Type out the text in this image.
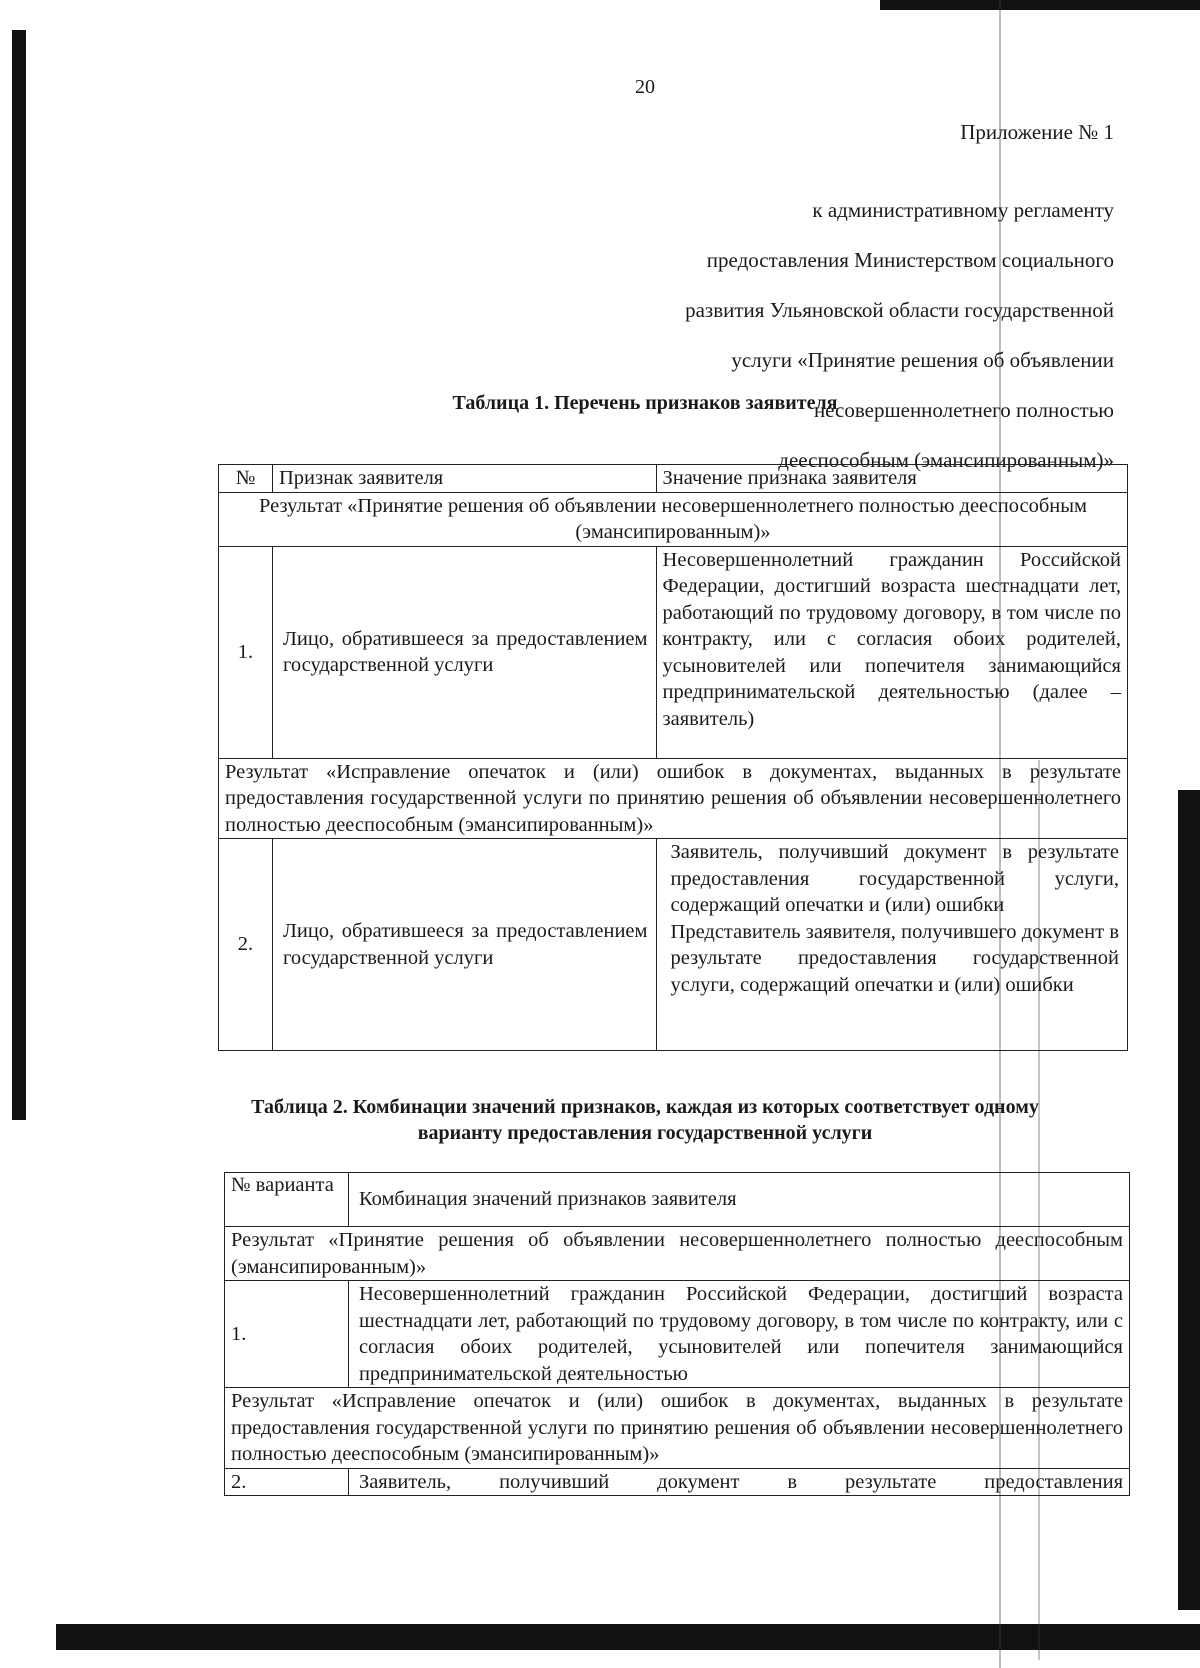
20
Приложение № 1

к административному регламенту

предоставления Министерством социального

развития Ульяновской области государственной

услуги «Принятие решения об объявлении

несовершеннолетнего полностью

дееспособным (эмансипированным)»

Таблица 1. Перечень признаков заявителя
№	Признак заявителя	Значение признака заявителя
Результат «Принятие решения об объявлении несовершеннолетнего полностью дееспособным (эмансипированным)»		
1.	Лицо, обратившееся за предоставлением государственной услуги	Несовершеннолетний гражданин Российской Федерации, достигший возраста шестнадцати лет, работающий по трудовому договору, в том числе по контракту, или с согласия обоих родителей, усыновителей или попечителя занимающийся предпринимательской деятельностью (далее – заявитель)
Результат «Исправление опечаток и (или) ошибок в документах, выданных в результате предоставления государственной услуги по принятию решения об объявлении несовершеннолетнего полностью дееспособным (эмансипированным)»		
2.	Лицо, обратившееся за предоставлением государственной услуги	Заявитель, получивший документ в результате предоставления государственной услуги, содержащий опечатки и (или) ошибки
Представитель заявителя, получившего документ в результате предоставления государственной услуги, содержащий опечатки и (или) ошибки
Таблица 2. Комбинации значений признаков, каждая из которых соответствует одному
варианту предоставления государственной услуги
№ варианта	Комбинация значений признаков заявителя
Результат «Принятие решения об объявлении несовершеннолетнего полностью дееспособным (эмансипированным)»	
1.	Несовершеннолетний гражданин Российской Федерации, достигший возраста шестнадцати лет, работающий по трудовому договору, в том числе по контракту, или с согласия обоих родителей, усыновителей или попечителя занимающийся предпринимательской деятельностью
Результат «Исправление опечаток и (или) ошибок в документах, выданных в результате предоставления государственной услуги по принятию решения об объявлении несовершеннолетнего полностью дееспособным (эмансипированным)»	
2.	Заявитель, получивший документ в результате предоставления
